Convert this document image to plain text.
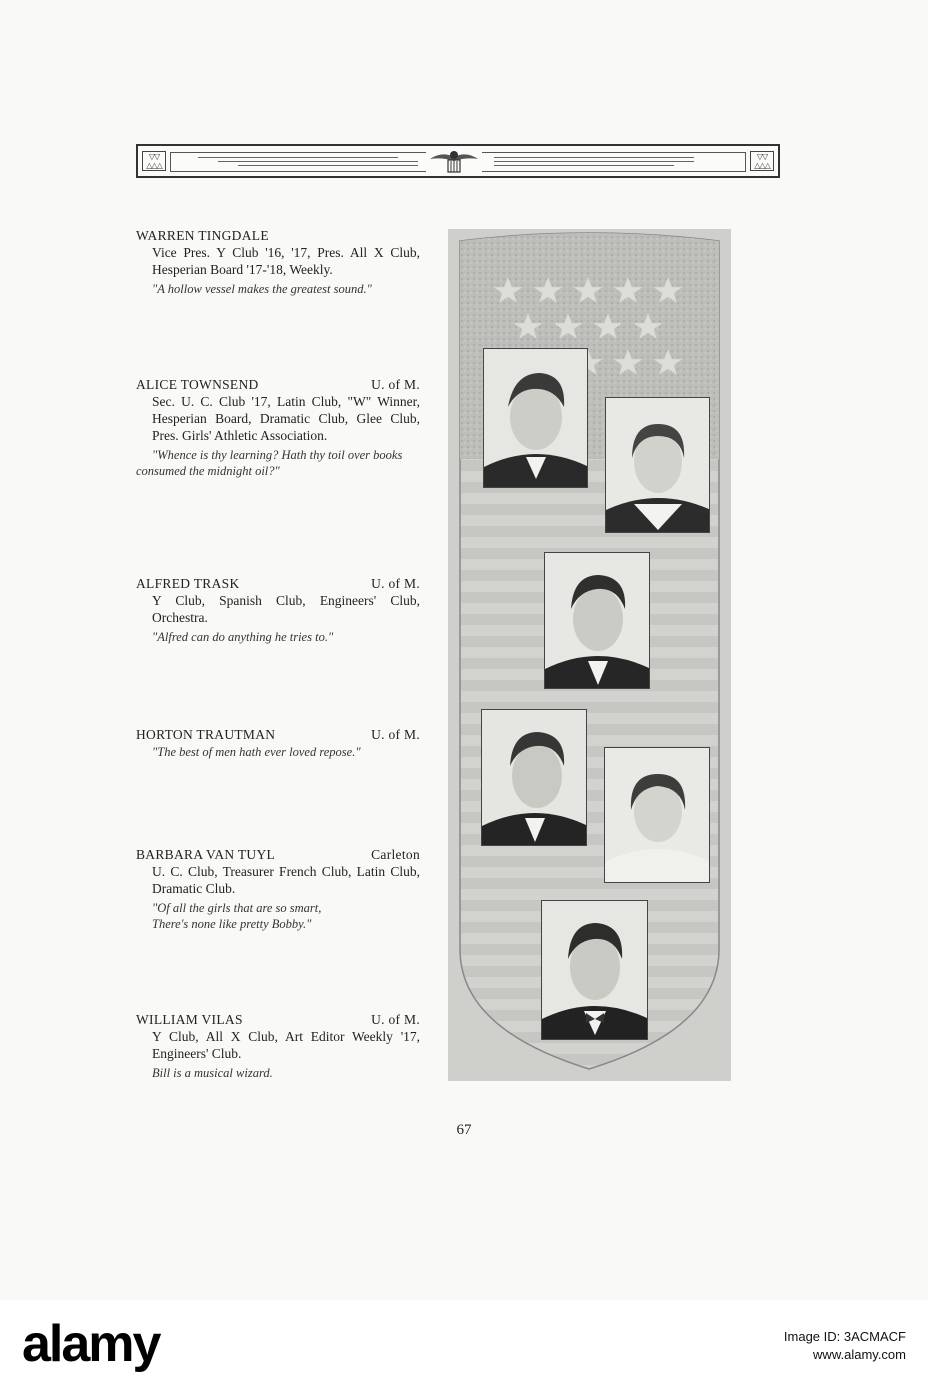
▽▽
△△△
▽▽
△△△
WARREN TINGDALE
Vice Pres. Y Club '16, '17, Pres. All X Club, Hesperian Board '17-'18, Weekly.
"A hollow vessel makes the greatest sound."
ALICE TOWNSEND	U. of M.
Sec. U. C. Club '17, Latin Club, "W" Winner, Hesperian Board, Dramatic Club, Glee Club, Pres. Girls' Athletic Association.
"Whence is thy learning? Hath thy toil over books consumed the midnight oil?"
ALFRED TRASK	U. of M.
Y Club, Spanish Club, Engineers' Club, Orchestra.
"Alfred can do anything he tries to."
HORTON TRAUTMAN	U. of M.
"The best of men hath ever loved repose."
BARBARA VAN TUYL	Carleton
U. C. Club, Treasurer French Club, Latin Club, Dramatic Club.
"Of all the girls that are so smart,
There's none like pretty Bobby."
WILLIAM VILAS	U. of M.
Y Club, All X Club, Art Editor Weekly '17, Engineers' Club.
Bill is a musical wizard.
67
alamy	Image ID: 3ACMACF
www.alamy.com
